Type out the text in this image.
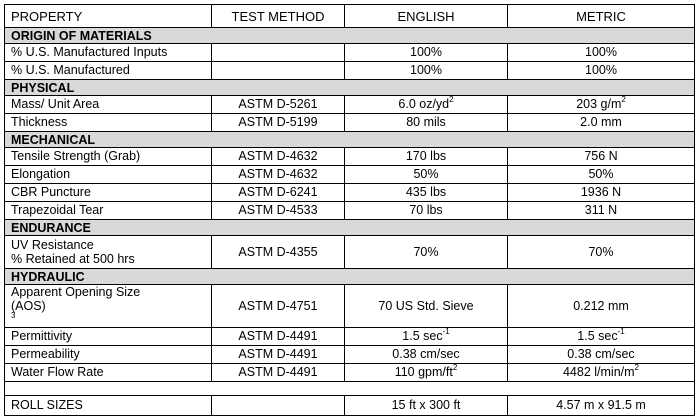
PROPERTY	TEST METHOD	ENGLISH	METRIC
ORIGIN OF MATERIALS			
% U.S. Manufactured Inputs		100%	100%
% U.S. Manufactured		100%	100%
PHYSICAL			
Mass/ Unit Area	ASTM D-5261	6.0 $oz/yd^2$	203 $g/m^2$
Thickness	ASTM D-5199	80 mils	2.0 mm
MECHANICAL			
Tensile Strength (Grab)	ASTM D-4632	170 lbs	756 N
Elongation	ASTM D-4632	50%	50%
CBR Puncture	ASTM D-6241	435 lbs	1936 N
Trapezoidal Tear	ASTM D-4533	70 lbs	311 N
ENDURANCE			

UV Resistance
% Retained at 500 hrs	ASTM D-4355	70%	70%
HYDRAULIC			

Apparent Opening Size
(AOS)
$^3$	ASTM D-4751	70 US Std. Sieve	0.212 mm
Permittivity	ASTM D-4491	1.5 $\sec^{-1}$	1.5 $\sec^{-1}$
Permeability	ASTM D-4491	0.38 cm/sec	0.38 cm/sec
Water Flow Rate	ASTM D-4491	110 gpm/$ft^2$	4482 $l/\min/m^2$

ROLL SIZES		15 ft x 300 ft	4.57 m x 91.5 m
